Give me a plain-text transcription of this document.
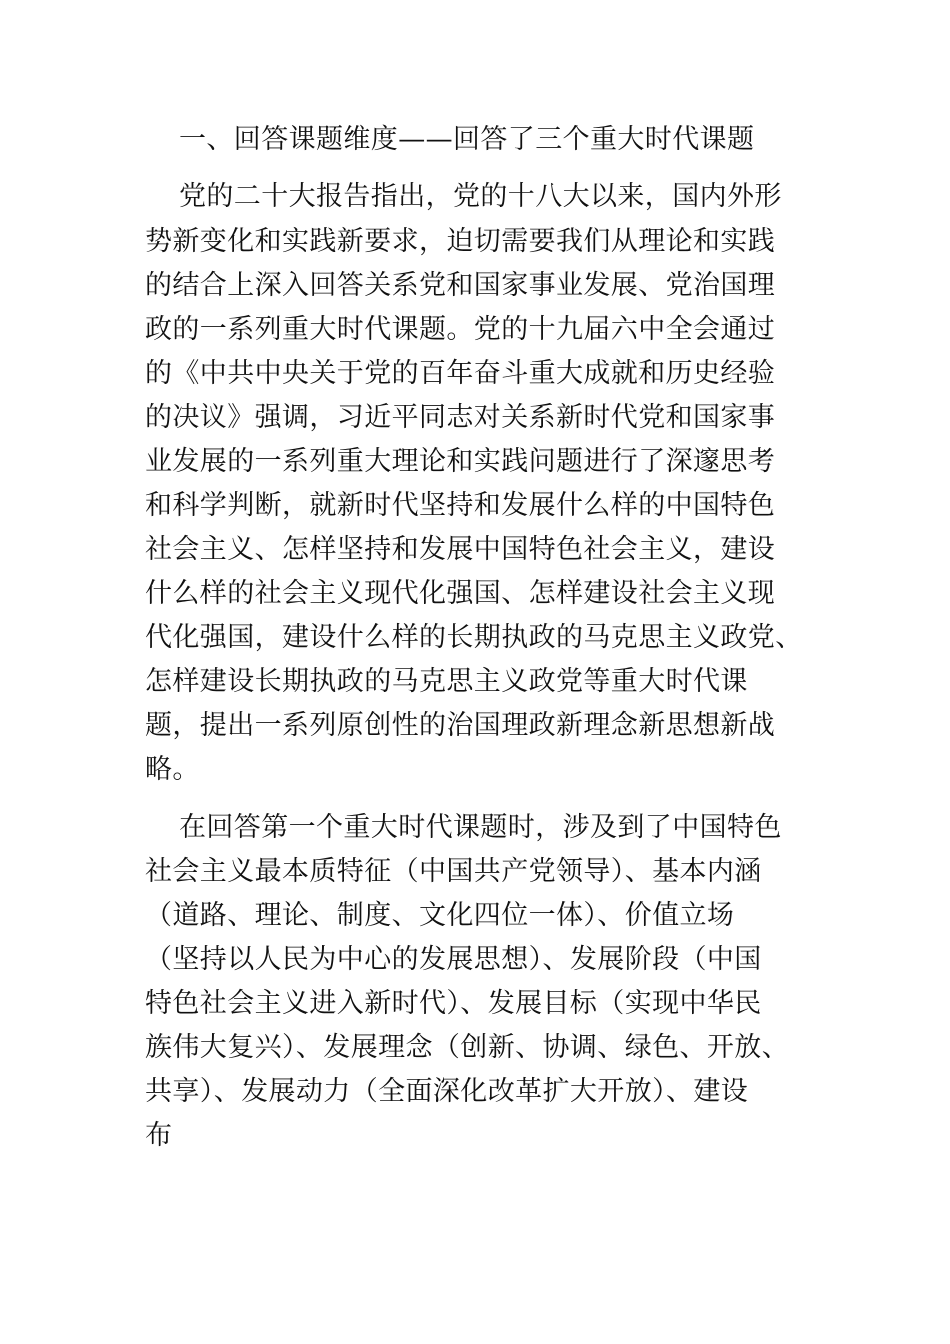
一、回答课题维度——回答了三个重大时代课题
党的二十大报告指出，党的十八大以来，国内外形
势新变化和实践新要求，迫切需要我们从理论和实践
的结合上深入回答关系党和国家事业发展、党治国理
政的一系列重大时代课题。党的十九届六中全会通过
的《中共中央关于党的百年奋斗重大成就和历史经验
的决议》强调，习近平同志对关系新时代党和国家事
业发展的一系列重大理论和实践问题进行了深邃思考
和科学判断，就新时代坚持和发展什么样的中国特色
社会主义、怎样坚持和发展中国特色社会主义，建设
什么样的社会主义现代化强国、怎样建设社会主义现
代化强国，建设什么样的长期执政的马克思主义政党、
怎样建设长期执政的马克思主义政党等重大时代课
题，提出一系列原创性的治国理政新理念新思想新战
略。
在回答第一个重大时代课题时，涉及到了中国特色
社会主义最本质特征（中国共产党领导）、基本内涵
（道路、理论、制度、文化四位一体）、价值立场
（坚持以人民为中心的发展思想）、发展阶段（中国
特色社会主义进入新时代）、发展目标（实现中华民
族伟大复兴）、发展理念（创新、协调、绿色、开放、
共享）、发展动力（全面深化改革扩大开放）、建设
布
